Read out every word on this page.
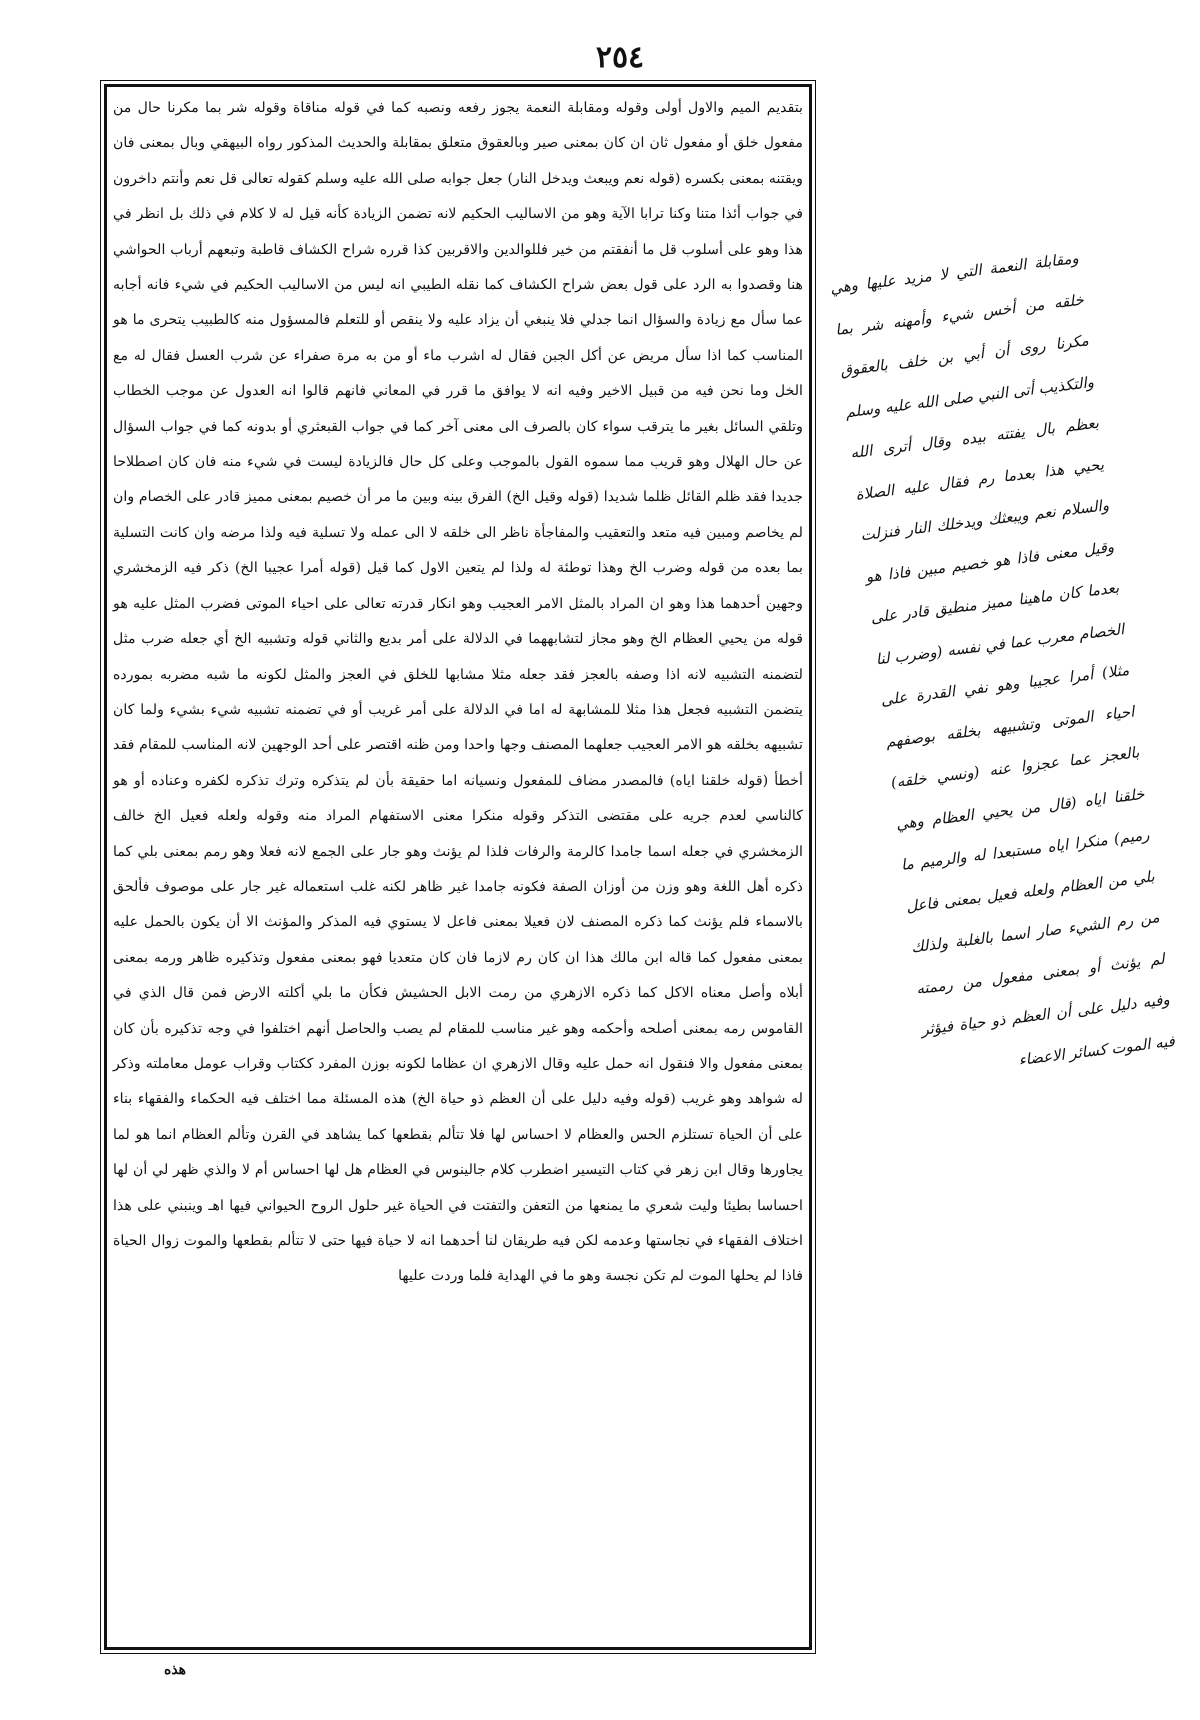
٢٥٤

بتقديم الميم والاول أولى وقوله ومقابلة النعمة يجوز رفعه ونصبه كما في قوله مناقاة وقوله شر بما مكرنا حال من مفعول خلق أو مفعول ثان ان كان بمعنى صير وبالعقوق متعلق بمقابلة والحديث المذكور رواه البيهقي وبال بمعنى فان ويقتنه بمعنى بكسره (قوله نعم ويبعث ويدخل النار) جعل جوابه صلى الله عليه وسلم كقوله تعالى قل نعم وأنتم داخرون في جواب أئذا متنا وكنا ترابا الآية وهو من الاساليب الحكيم لانه تضمن الزيادة كأنه قيل له لا كلام في ذلك بل انظر في هذا وهو على أسلوب قل ما أنفقتم من خير فللوالدين والاقربين كذا قرره شراح الكشاف قاطبة وتبعهم أرباب الحواشي هنا وقصدوا به الرد على قول بعض شراح الكشاف كما نقله الطيبي انه ليس من الاساليب الحكيم في شيء فانه أجابه عما سأل مع زيادة والسؤال انما جدلي فلا ينبغي أن يزاد عليه ولا ينقص أو للتعلم فالمسؤول منه كالطبيب يتحرى ما هو المناسب كما اذا سأل مريض عن أكل الجبن فقال له اشرب ماء أو من به مرة صفراء عن شرب العسل فقال له مع الخل وما نحن فيه من قبيل الاخير وفيه انه لا يوافق ما قرر في المعاني فانهم قالوا انه العدول عن موجب الخطاب وتلقي السائل بغير ما يترقب سواء كان بالصرف الى معنى آخر كما في جواب القبعثري أو بدونه كما في جواب السؤال عن حال الهلال وهو قريب مما سموه القول بالموجب وعلى كل حال فالزيادة ليست في شيء منه فان كان اصطلاحا جديدا فقد ظلم القائل ظلما شديدا (قوله وقيل الخ) الفرق بينه وبين ما مر أن خصيم بمعنى مميز قادر على الخصام وان لم يخاصم ومبين فيه متعد والتعقيب والمفاجأة ناظر الى خلقه لا الى عمله ولا تسلية فيه ولذا مرضه وان كانت التسلية بما بعده من قوله وضرب الخ وهذا توطئة له ولذا لم يتعين الاول كما قيل (قوله أمرا عجيبا الخ) ذكر فيه الزمخشري وجهين أحدهما هذا وهو ان المراد بالمثل الامر العجيب وهو انكار قدرته تعالى على احياء الموتى فضرب المثل عليه هو قوله من يحيي العظام الخ وهو مجاز لتشابههما في الدلالة على أمر بديع والثاني قوله وتشبيه الخ أي جعله ضرب مثل لتضمنه التشبيه لانه اذا وصفه بالعجز فقد جعله مثلا مشابها للخلق في العجز والمثل لكونه ما شبه مضربه بمورده يتضمن التشبيه فجعل هذا مثلا للمشابهة له اما في الدلالة على أمر غريب أو في تضمنه تشبيه شيء بشيء ولما كان تشبيهه بخلقه هو الامر العجيب جعلهما المصنف وجها واحدا ومن ظنه اقتصر على أحد الوجهين لانه المناسب للمقام فقد أخطأ (قوله خلقنا اياه) فالمصدر مضاف للمفعول ونسيانه اما حقيقة بأن لم يتذكره وترك تذكره لكفره وعناده أو هو كالناسي لعدم جريه على مقتضى التذكر وقوله منكرا معنى الاستفهام المراد منه وقوله ولعله فعيل الخ خالف الزمخشري في جعله اسما جامدا كالرمة والرفات فلذا لم يؤنث وهو جار على الجمع لانه فعلا وهو رمم بمعنى بلي كما ذكره أهل اللغة وهو وزن من أوزان الصفة فكونه جامدا غير ظاهر لكنه غلب استعماله غير جار على موصوف فألحق بالاسماء فلم يؤنث كما ذكره المصنف لان فعيلا بمعنى فاعل لا يستوي فيه المذكر والمؤنث الا أن يكون بالحمل عليه بمعنى مفعول كما قاله ابن مالك هذا ان كان رم لازما فان كان متعديا فهو بمعنى مفعول وتذكيره ظاهر ورمه بمعنى أبلاه وأصل معناه الاكل كما ذكره الازهري من رمت الابل الحشيش فكأن ما بلي أكلته الارض فمن قال الذي في القاموس رمه بمعنى أصلحه وأحكمه وهو غير مناسب للمقام لم يصب والحاصل أنهم اختلفوا في وجه تذكيره بأن كان بمعنى مفعول والا فنقول انه حمل عليه وقال الازهري ان عظاما لكونه بوزن المفرد ككتاب وقراب عومل معاملته وذكر له شواهد وهو غريب (قوله وفيه دليل على أن العظم ذو حياة الخ) هذه المسئلة مما اختلف فيه الحكماء والفقهاء بناء على أن الحياة تستلزم الحس والعظام لا احساس لها فلا تتألم بقطعها كما يشاهد في القرن وتألم العظام انما هو لما يجاورها وقال ابن زهر في كتاب التيسير اضطرب كلام جالينوس في العظام هل لها احساس أم لا والذي ظهر لي أن لها احساسا بطيئا وليت شعري ما يمنعها من التعفن والتفتت في الحياة غير حلول الروح الحيواني فيها اهـ وينبني على هذا اختلاف الفقهاء في نجاستها وعدمه لكن فيه طريقان لنا أحدهما انه لا حياة فيها حتى لا تتألم بقطعها والموت زوال الحياة فاذا لم يحلها الموت لم تكن نجسة وهو ما في الهداية فلما وردت عليها

ومقابلة النعمة التي لا مزيد عليها وهي خلقه من أخس شيء وأمهنه شر بما مكرنا روى أن أبي بن خلف بالعقوق والتكذيب أتى النبي صلى الله عليه وسلم بعظم بال يفتته بيده وقال أترى الله يحيي هذا بعدما رم فقال عليه الصلاة والسلام نعم ويبعثك ويدخلك النار فنزلت وقيل معنى فاذا هو خصيم مبين فاذا هو بعدما كان ماهينا مميز منطيق قادر على الخصام معرب عما في نفسه (وضرب لنا مثلا) أمرا عجيبا وهو نفي القدرة على احياء الموتى وتشبيهه بخلقه بوصفهم بالعجز عما عجزوا عنه (ونسي خلقه) خلقنا اياه (قال من يحيي العظام وهي رميم) منكرا اياه مستبعدا له والرميم ما بلي من العظام ولعله فعيل بمعنى فاعل من رم الشيء صار اسما بالغلبة ولذلك لم يؤنث أو بمعنى مفعول من رممته وفيه دليل على أن العظم ذو حياة فيؤثر فيه الموت كسائر الاعضاء

هذه
